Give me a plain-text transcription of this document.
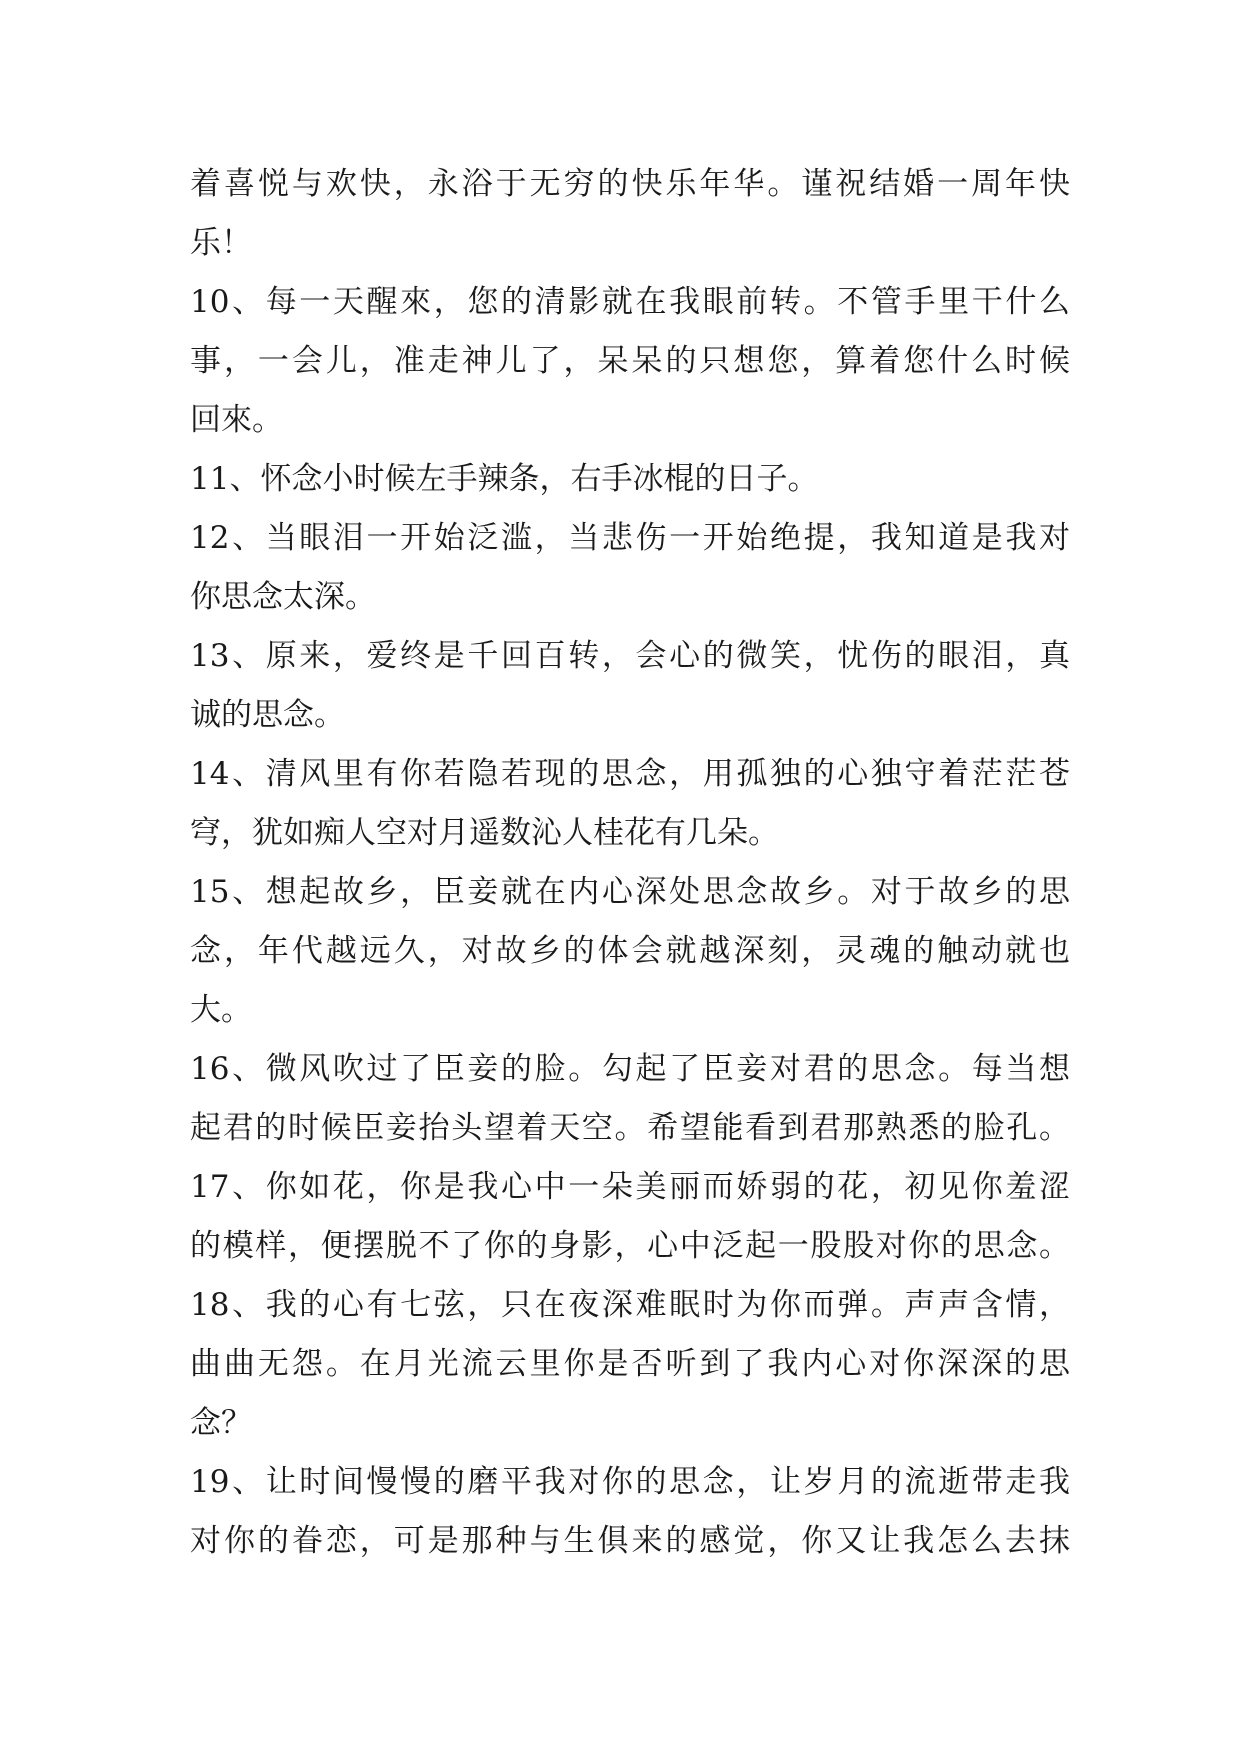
着喜悦与欢快，永浴于无穷的快乐年华。谨祝结婚一周年快
乐！
10、每一天醒來，您的清影就在我眼前转。不管手里干什么
事，一会儿，准走神儿了，呆呆的只想您，算着您什么时候
回來。
11、怀念小时候左手辣条，右手冰棍的日子。
12、当眼泪一开始泛滥，当悲伤一开始绝提，我知道是我对
你思念太深。
13、原来，爱终是千回百转，会心的微笑，忧伤的眼泪，真
诚的思念。
14、清风里有你若隐若现的思念，用孤独的心独守着茫茫苍
穹，犹如痴人空对月遥数沁人桂花有几朵。
15、想起故乡，臣妾就在内心深处思念故乡。对于故乡的思
念，年代越远久，对故乡的体会就越深刻，灵魂的触动就也
大。
16、微风吹过了臣妾的脸。勾起了臣妾对君的思念。每当想
起君的时候臣妾抬头望着天空。希望能看到君那熟悉的脸孔。
17、你如花，你是我心中一朵美丽而娇弱的花，初见你羞涩
的模样，便摆脱不了你的身影，心中泛起一股股对你的思念。
18、我的心有七弦，只在夜深难眠时为你而弹。声声含情，
曲曲无怨。在月光流云里你是否听到了我内心对你深深的思
念？
19、让时间慢慢的磨平我对你的思念，让岁月的流逝带走我
对你的眷恋，可是那种与生俱来的感觉，你又让我怎么去抹
